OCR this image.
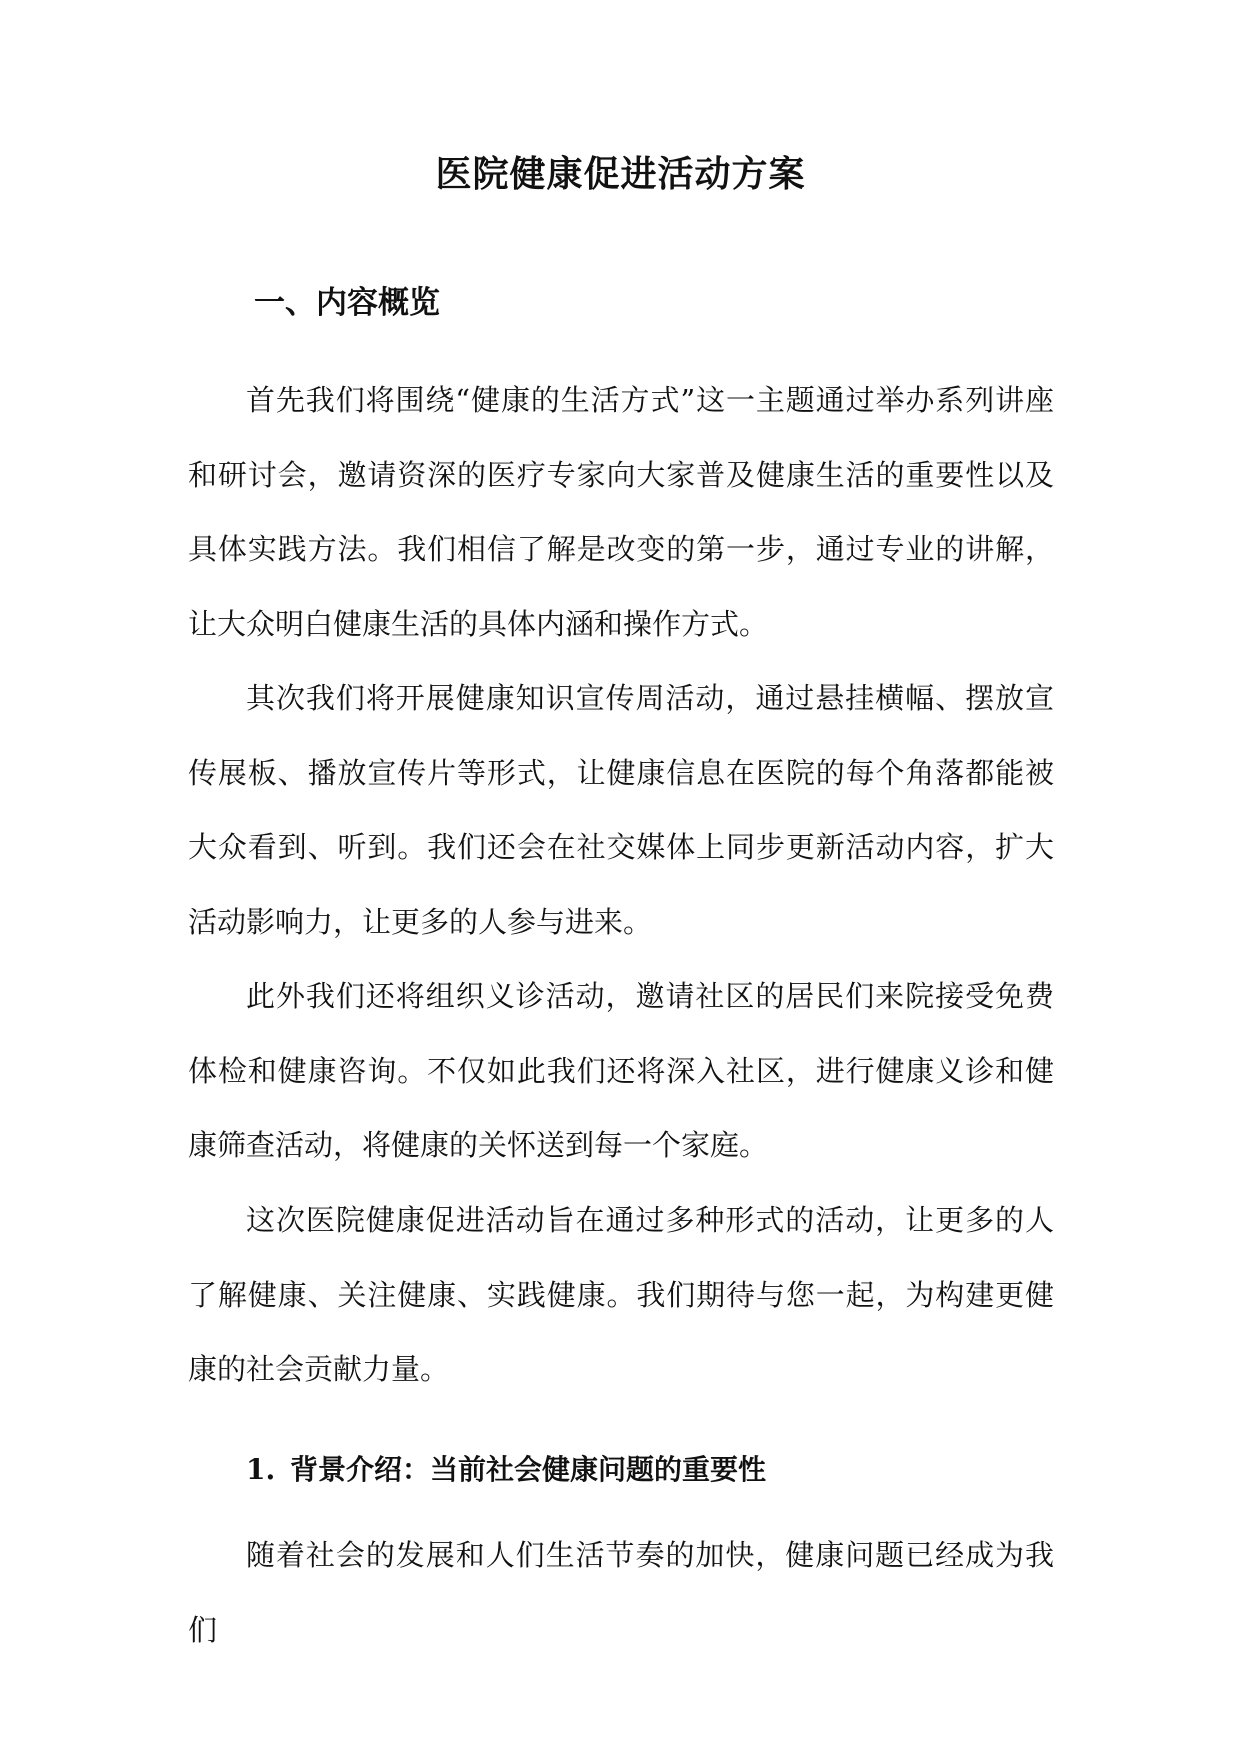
医院健康促进活动方案
一、内容概览

首先我们将围绕“健康的生活方式”这一主题通过举办系列讲座和研讨会，邀请资深的医疗专家向大家普及健康生活的重要性以及具体实践方法。我们相信了解是改变的第一步，通过专业的讲解，让大众明白健康生活的具体内涵和操作方式。

其次我们将开展健康知识宣传周活动，通过悬挂横幅、摆放宣传展板、播放宣传片等形式，让健康信息在医院的每个角落都能被大众看到、听到。我们还会在社交媒体上同步更新活动内容，扩大活动影响力，让更多的人参与进来。

此外我们还将组织义诊活动，邀请社区的居民们来院接受免费体检和健康咨询。不仅如此我们还将深入社区，进行健康义诊和健康筛查活动，将健康的关怀送到每一个家庭。

这次医院健康促进活动旨在通过多种形式的活动，让更多的人了解健康、关注健康、实践健康。我们期待与您一起，为构建更健康的社会贡献力量。

1. 背景介绍：当前社会健康问题的重要性

随着社会的发展和人们生活节奏的加快，健康问题已经成为我们
